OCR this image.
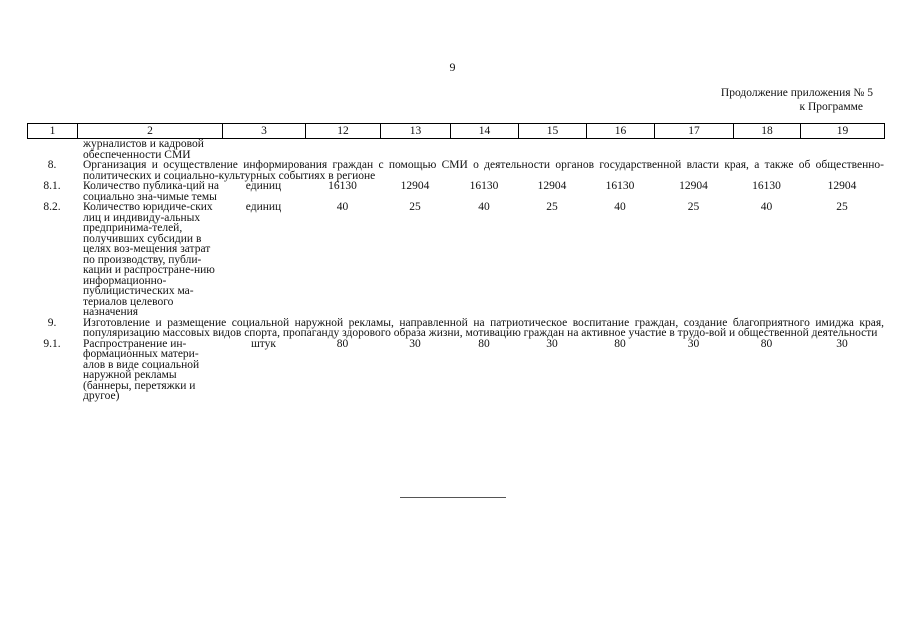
9
Продолжение приложения № 5
к Программе
1	2	3	12	13	14	15	16	17	18	19
	журналистов и кадровой обеспеченности СМИ									
8.	Организация и осуществление информирования граждан с помощью СМИ о деятельности органов государственной власти края, а также об общественно-политических и социально-культурных событиях в регионе									
8.1.	Количество публика-ций на социально зна-чимые темы	единиц	16130	12904	16130	12904	16130	12904	16130	12904
8.2.	Количество юридиче-ских лиц и индивиду-альных предпринима-телей, получивших субсидии в целях воз-мещения затрат по производству, публи-кации и распростране-нию информационно-публицистических ма-териалов целевого назначения	единиц	40	25	40	25	40	25	40	25
9.	Изготовление и размещение социальной наружной рекламы, направленной на патриотическое воспитание граждан, создание благоприятного имиджа края, популяризацию массовых видов спорта, пропаганду здорового образа жизни, мотивацию граждан на активное участие в трудо-вой и общественной деятельности									
9.1.	Распространение ин-формационных матери-алов в виде социальной наружной рекламы (баннеры, перетяжки и другое)	штук	80	30	80	30	80	30	80	30
